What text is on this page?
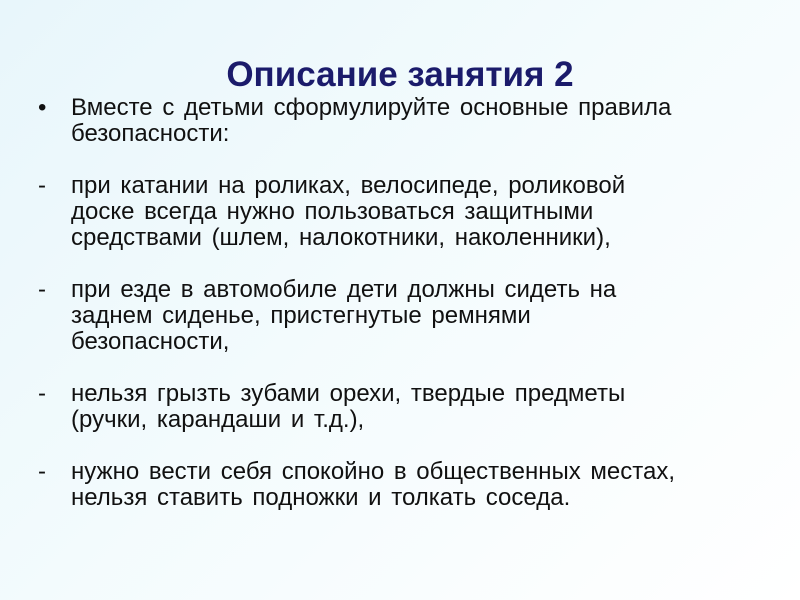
Описание занятия 2
•	Вместе с детьми сформулируйте основные правила
безопасности:
-	при катании на роликах, велосипеде, роликовой
доске всегда нужно пользоваться защитными
средствами (шлем, налокотники, наколенники),
-	при езде в автомобиле дети должны сидеть на
заднем сиденье, пристегнутые ремнями
безопасности,
-	нельзя грызть зубами орехи, твердые предметы
(ручки, карандаши и т.д.),
-	нужно вести себя спокойно в общественных местах,
нельзя ставить подножки и толкать соседа.
